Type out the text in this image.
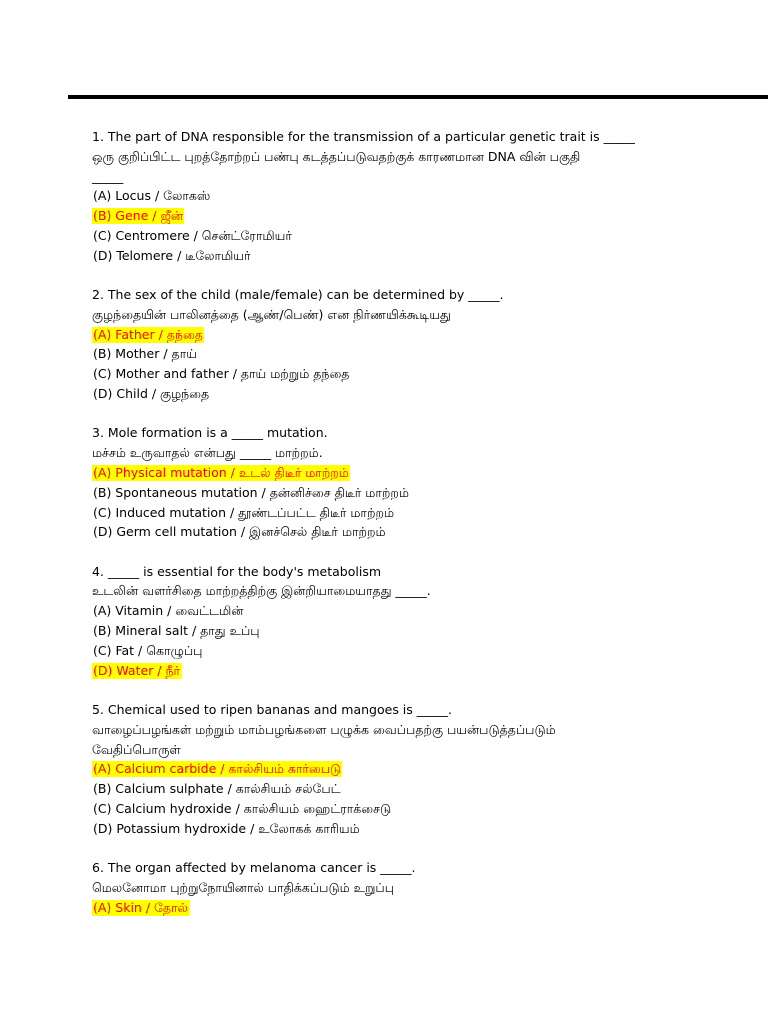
1. The part of DNA responsible for the transmission of a particular genetic trait is _____
ஒரு குறிப்பிட்ட புறத்தோற்றப் பண்பு கடத்தப்படுவதற்குக் காரணமான DNA வின் பகுதி
_____
(A) Locus / லோகஸ்
(B) Gene / ஜீன்
(C) Centromere / சென்ட்ரோமியர்
(D) Telomere / டீலோமியர்
2. The sex of the child (male/female) can be determined by _____.
குழந்தையின் பாலினத்தை (ஆண்/பெண்) என நிர்ணயிக்கூடியது
(A) Father / தந்தை
(B) Mother / தாய்
(C) Mother and father / தாய் மற்றும் தந்தை
(D) Child / குழந்தை
3. Mole formation is a _____ mutation.
மச்சம் உருவாதல் என்பது _____ மாற்றம்.
(A) Physical mutation / உடல் திடீர் மாற்றம்
(B) Spontaneous mutation / தன்னிச்சை திடீர் மாற்றம்
(C) Induced mutation / தூண்டப்பட்ட திடீர் மாற்றம்
(D) Germ cell mutation / இனச்செல் திடீர் மாற்றம்
4. _____ is essential for the body's metabolism
உடலின் வளர்சிதை மாற்றத்திற்கு இன்றியாமையாதது _____.
(A) Vitamin / வைட்டமின்
(B) Mineral salt / தாது உப்பு
(C) Fat / கொழுப்பு
(D) Water / நீர்
5. Chemical used to ripen bananas and mangoes is _____.
வாழைப்பழங்கள் மற்றும் மாம்பழங்களை பழுக்க வைப்பதற்கு பயன்படுத்தப்படும்
வேதிப்பொருள்
(A) Calcium carbide / கால்சியம் கார்பைடு
(B) Calcium sulphate / கால்சியம் சல்பேட்
(C) Calcium hydroxide / கால்சியம் ஹைட்ராக்சைடு
(D) Potassium hydroxide / உலோகக் காரியம்
6. The organ affected by melanoma cancer is _____.
மெலனோமா புற்றுநோயினால் பாதிக்கப்படும் உறுப்பு
(A) Skin / தோல்
